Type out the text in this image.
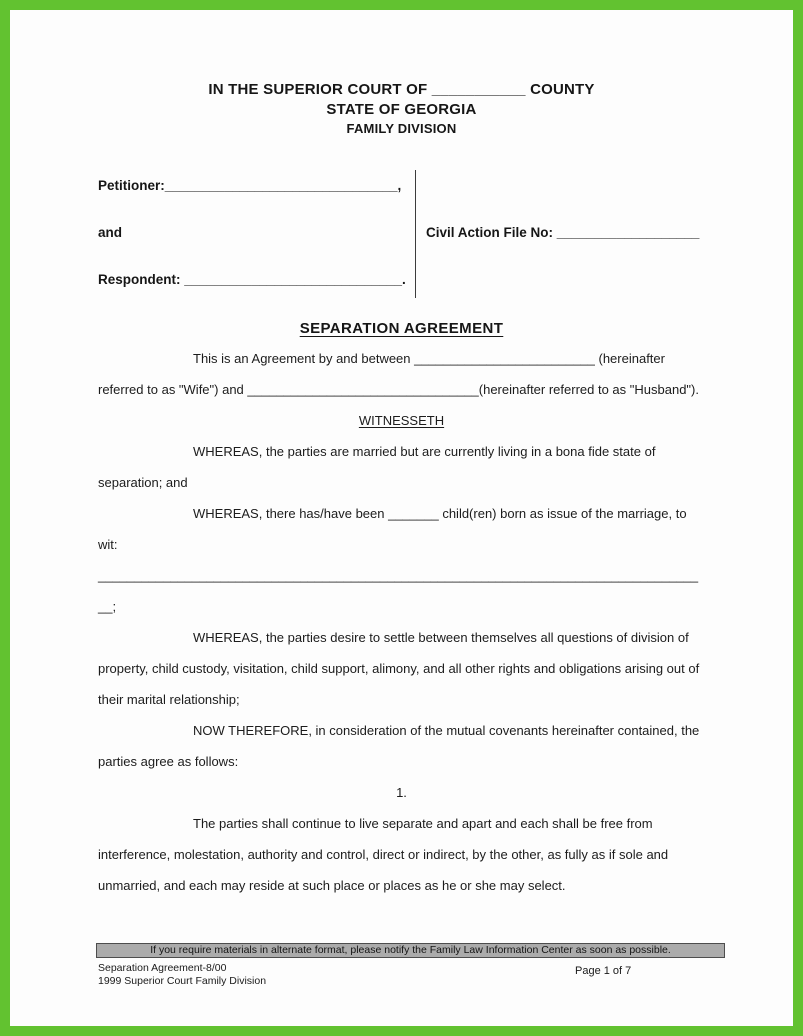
IN THE SUPERIOR COURT OF ___________ COUNTY
STATE OF GEORGIA
FAMILY DIVISION
Petitioner:_______________________________,
and
Respondent: _____________________________.
Civil Action File No: ___________________
SEPARATION AGREEMENT

This is an Agreement by and between _________________________ (hereinafter referred to as "Wife") and ________________________________(hereinafter referred to as "Husband").

WITNESSETH

WHEREAS, the parties are married but are currently living in a bona fide state of separation; and

WHEREAS, there has/have been _______ child(ren) born as issue of the marriage, to wit: _____________________________________________________________________________________;

WHEREAS, the parties desire to settle between themselves all questions of division of property, child custody, visitation, child support, alimony, and all other rights and obligations arising out of their marital relationship;

NOW THEREFORE, in consideration of the mutual covenants hereinafter contained, the parties agree as follows:

1.

The parties shall continue to live separate and apart and each shall be free from interference, molestation, authority and control, direct or indirect, by the other, as fully as if sole and unmarried, and each may reside at such place or places as he or she may select.

If you require materials in alternate format, please notify the Family Law Information Center as soon as possible.
Separation Agreement-8/00
1999 Superior Court Family Division
Page 1 of 7
